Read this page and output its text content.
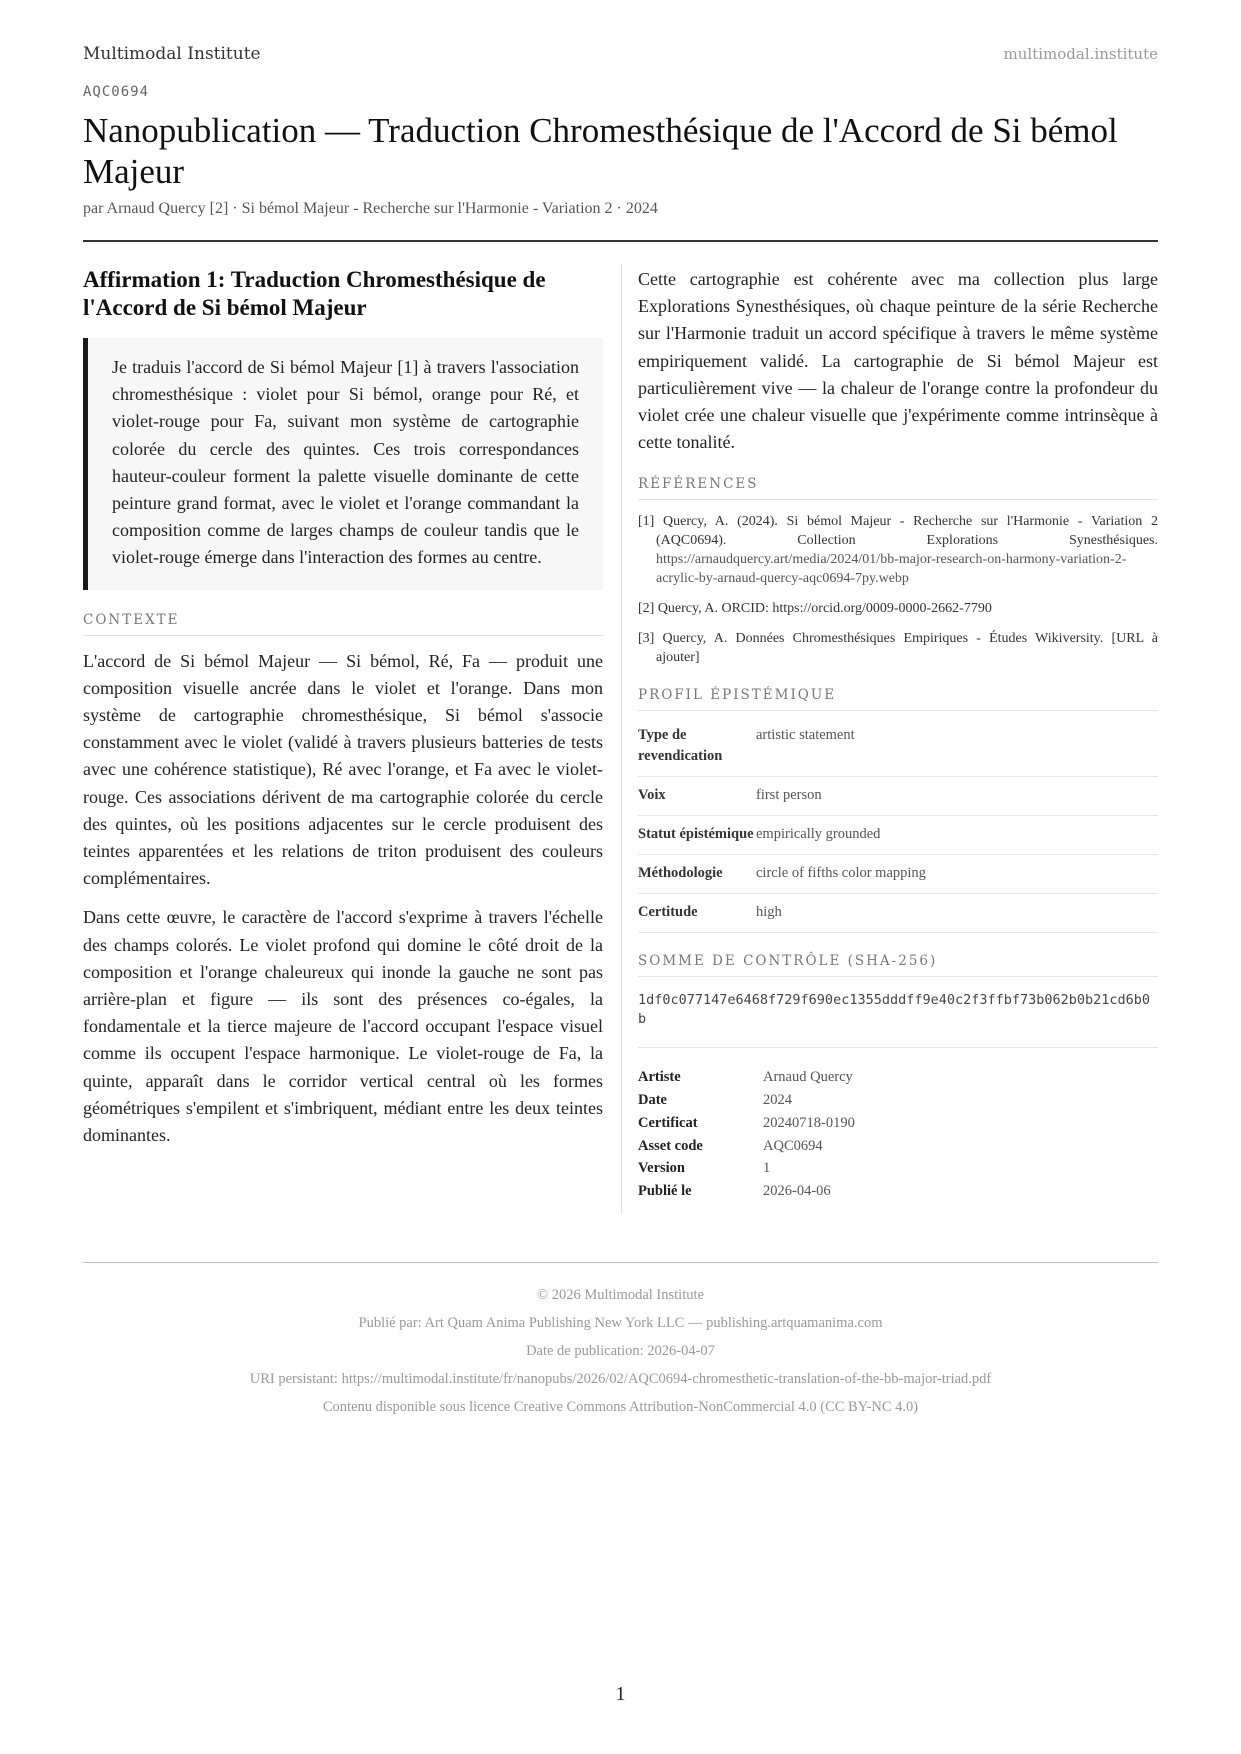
Multimodal Institute	multimodal.institute
AQC0694
Nanopublication — Traduction Chromesthésique de l'Accord de Si bémol Majeur
par Arnaud Quercy [2] · Si bémol Majeur - Recherche sur l'Harmonie - Variation 2 · 2024
Affirmation 1: Traduction Chromesthésique de l'Accord de Si bémol Majeur
Je traduis l'accord de Si bémol Majeur [1] à travers l'association chromesthésique : violet pour Si bémol, orange pour Ré, et violet-rouge pour Fa, suivant mon système de cartographie colorée du cercle des quintes. Ces trois correspondances hauteur-couleur forment la palette visuelle dominante de cette peinture grand format, avec le violet et l'orange commandant la composition comme de larges champs de couleur tandis que le violet-rouge émerge dans l'interaction des formes au centre.
CONTEXTE

L'accord de Si bémol Majeur — Si bémol, Ré, Fa — produit une composition visuelle ancrée dans le violet et l'orange. Dans mon système de cartographie chromesthésique, Si bémol s'associe constamment avec le violet (validé à travers plusieurs batteries de tests avec une cohérence statistique), Ré avec l'orange, et Fa avec le violet-rouge. Ces associations dérivent de ma cartographie colorée du cercle des quintes, où les positions adjacentes sur le cercle produisent des teintes apparentées et les relations de triton produisent des couleurs complémentaires.

Dans cette œuvre, le caractère de l'accord s'exprime à travers l'échelle des champs colorés. Le violet profond qui domine le côté droit de la composition et l'orange chaleureux qui inonde la gauche ne sont pas arrière-plan et figure — ils sont des présences co-égales, la fondamentale et la tierce majeure de l'accord occupant l'espace visuel comme ils occupent l'espace harmonique. Le violet-rouge de Fa, la quinte, apparaît dans le corridor vertical central où les formes géométriques s'empilent et s'imbriquent, médiant entre les deux teintes dominantes.

Cette cartographie est cohérente avec ma collection plus large Explorations Synesthésiques, où chaque peinture de la série Recherche sur l'Harmonie traduit un accord spécifique à travers le même système empiriquement validé. La cartographie de Si bémol Majeur est particulièrement vive — la chaleur de l'orange contre la profondeur du violet crée une chaleur visuelle que j'expérimente comme intrinsèque à cette tonalité.

RÉFÉRENCES
[1] Quercy, A. (2024). Si bémol Majeur - Recherche sur l'Harmonie - Variation 2 (AQC0694). Collection Explorations Synesthésiques. https://arnaudquercy.art/media/2024/01/bb-major-research-on-harmony-variation-2-acrylic-by-arnaud-quercy-aqc0694-7py.webp
[2] Quercy, A. ORCID: https://orcid.org/0009-0000-2662-7790
[3] Quercy, A. Données Chromesthésiques Empiriques - Études Wikiversity. [URL à ajouter]
PROFIL ÉPISTÉMIQUE
Type de revendication	artistic statement
Voix	first person
Statut épistémique	empirically grounded
Méthodologie	circle of fifths color mapping
Certitude	high
SOMME DE CONTRÔLE (SHA-256)
1df0c077147e6468f729f690ec1355dddff9e40c2f3ffbf73b062b0b21cd6b0b
Artiste	Arnaud Quercy
Date	2024
Certificat	20240718-0190
Asset code	AQC0694
Version	1
Publié le	2026-04-06
© 2026 Multimodal Institute
Publié par: Art Quam Anima Publishing New York LLC — publishing.artquamanima.com
Date de publication: 2026-04-07
URI persistant: https://multimodal.institute/fr/nanopubs/2026/02/AQC0694-chromesthetic-translation-of-the-bb-major-triad.pdf
Contenu disponible sous licence Creative Commons Attribution-NonCommercial 4.0 (CC BY-NC 4.0)
1
